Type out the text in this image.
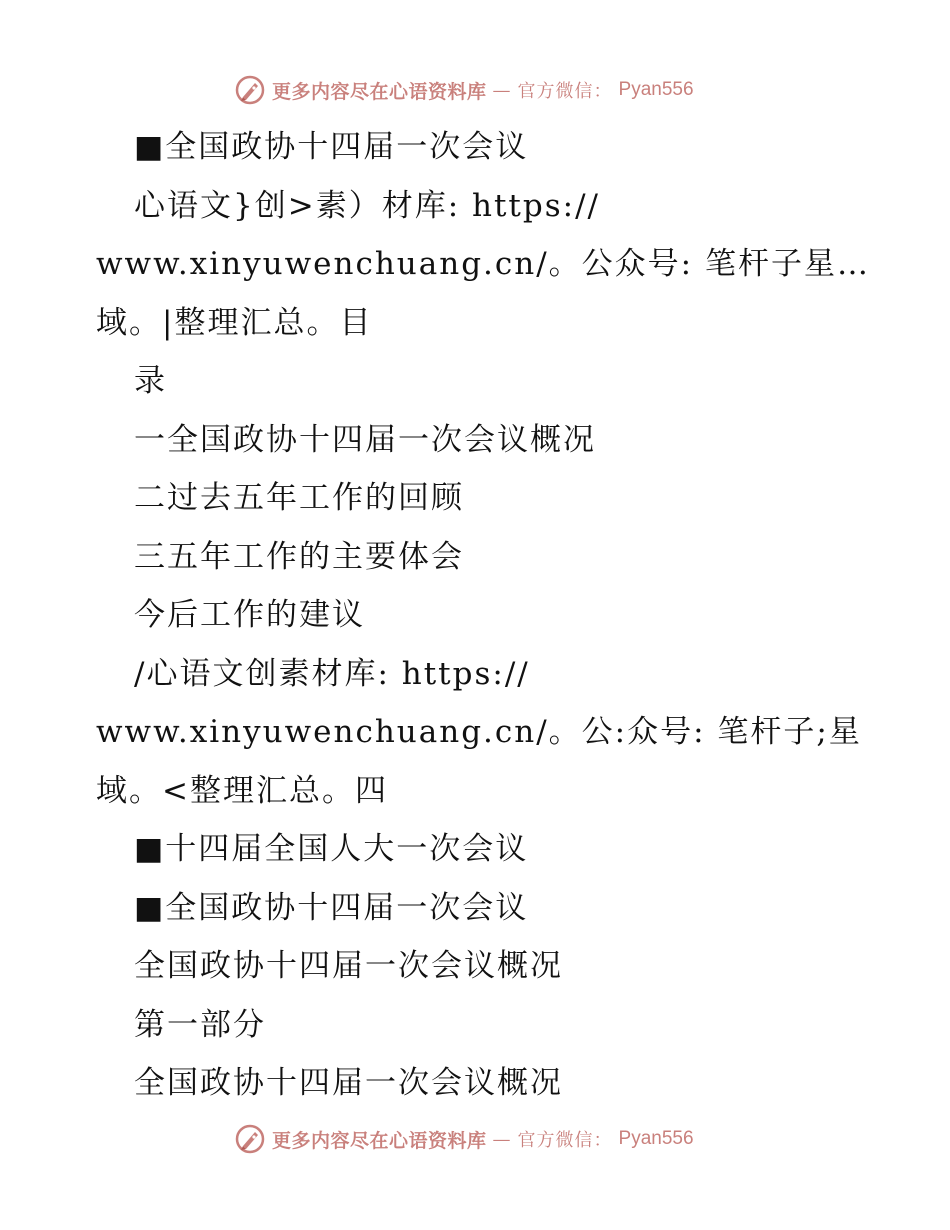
更多内容尽在心语资料库 — 官方微信： Pyan556
■全国政协十四届一次会议
心语文}创>素）材库: https://
www.xinyuwenchuang.cn/。公众号: 笔杆子星…
域。|整理汇总。目
录
一全国政协十四届一次会议概况
二过去五年工作的回顾
三五年工作的主要体会
今后工作的建议
/心语文创素材库: https://
www.xinyuwenchuang.cn/。公:众号: 笔杆子;星
域。<整理汇总。四
■十四届全国人大一次会议
■全国政协十四届一次会议
全国政协十四届一次会议概况
第一部分
全国政协十四届一次会议概况
更多内容尽在心语资料库 — 官方微信： Pyan556
